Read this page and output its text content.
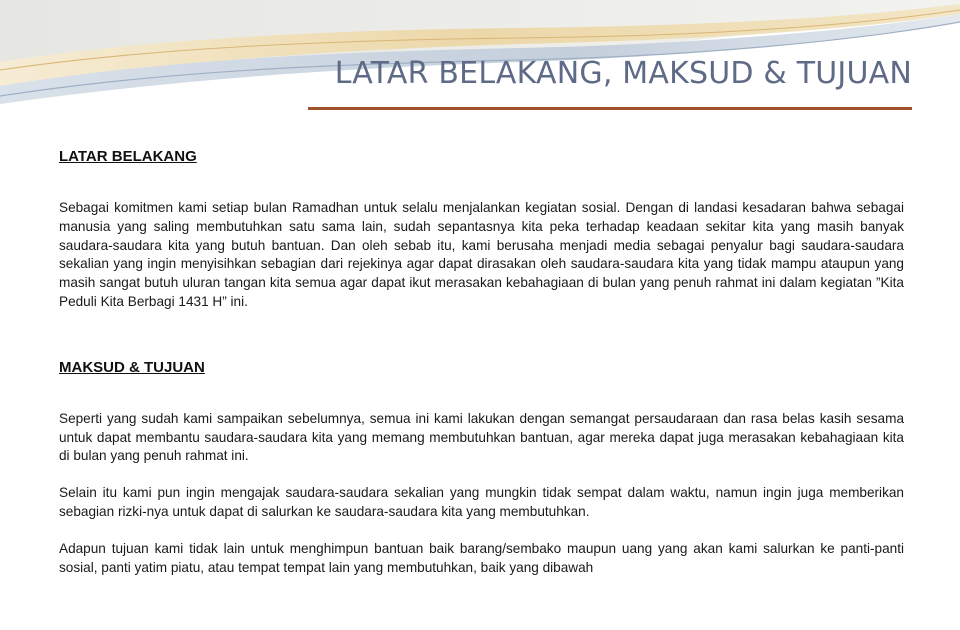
LATAR BELAKANG, MAKSUD & TUJUAN

LATAR BELAKANG

Sebagai komitmen kami setiap bulan Ramadhan untuk selalu menjalankan kegiatan sosial. Dengan di landasi kesadaran bahwa sebagai manusia yang saling membutuhkan satu sama lain, sudah sepantasnya kita peka terhadap keadaan sekitar kita yang masih banyak saudara-saudara kita yang butuh bantuan. Dan oleh sebab itu, kami berusaha menjadi media sebagai penyalur bagi saudara-saudara sekalian yang ingin menyisihkan sebagian dari rejekinya agar dapat dirasakan oleh saudara-saudara kita yang tidak mampu ataupun yang masih sangat butuh uluran tangan kita semua agar dapat ikut merasakan kebahagiaan di bulan yang penuh rahmat ini dalam kegiatan ”Kita Peduli Kita Berbagi 1431 H” ini.

MAKSUD & TUJUAN

Seperti yang sudah kami sampaikan sebelumnya, semua ini kami lakukan dengan semangat persaudaraan dan rasa belas kasih sesama untuk dapat membantu saudara-saudara kita yang memang membutuhkan bantuan, agar mereka dapat juga merasakan kebahagiaan kita di bulan yang penuh rahmat ini.

Selain itu kami pun ingin mengajak saudara-saudara sekalian yang mungkin tidak sempat dalam waktu, namun ingin juga memberikan sebagian rizki-nya untuk dapat di salurkan ke saudara-saudara kita yang membutuhkan.

Adapun tujuan kami tidak lain untuk menghimpun bantuan baik barang/sembako maupun uang yang akan kami salurkan ke panti-panti sosial, panti yatim piatu, atau tempat tempat lain yang membutuhkan, baik yang dibawah
